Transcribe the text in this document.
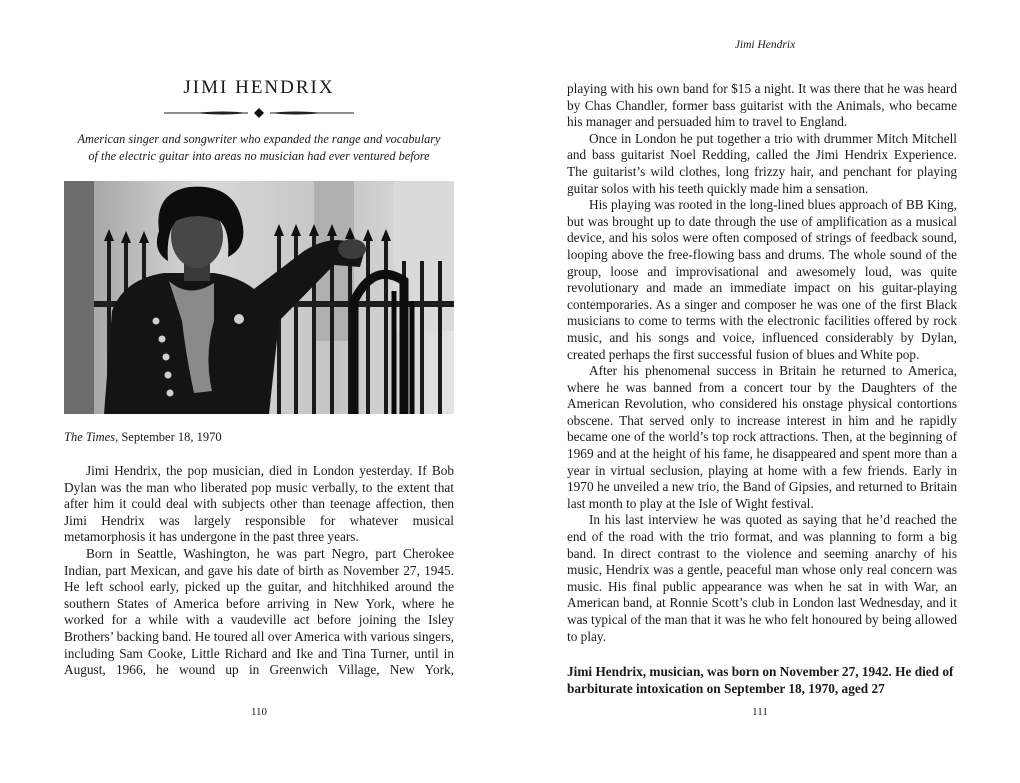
JIMI HENDRIX
American singer and songwriter who expanded the range and vocabulary
of the electric guitar into areas no musician had ever ventured before
The Times, September 18, 1970

Jimi Hendrix, the pop musician, died in London yesterday. If Bob Dylan was the man who liberated pop music verbally, to the extent that after him it could deal with subjects other than teenage affection, then Jimi Hendrix was largely responsible for whatever musical metamorphosis it has undergone in the past three years.

Born in Seattle, Washington, he was part Negro, part Cherokee Indian, part Mexican, and gave his date of birth as November 27, 1945. He left school early, picked up the guitar, and hitchhiked around the southern States of America before arriving in New York, where he worked for a while with a vaudeville act before joining the Isley Brothers’ backing band. He toured all over America with various singers, including Sam Cooke, Little Richard and Ike and Tina Turner, until in August, 1966, he wound up in Greenwich Village, New York,

110
Jimi Hendrix

playing with his own band for $15 a night. It was there that he was heard by Chas Chandler, former bass guitarist with the Animals, who became his manager and persuaded him to travel to England.

Once in London he put together a trio with drummer Mitch Mitchell and bass guitarist Noel Redding, called the Jimi Hendrix Experience. The guitarist’s wild clothes, long frizzy hair, and penchant for playing guitar solos with his teeth quickly made him a sensation.

His playing was rooted in the long-lined blues approach of BB King, but was brought up to date through the use of amplification as a musical device, and his solos were often composed of strings of feedback sound, looping above the free-flowing bass and drums. The whole sound of the group, loose and improvisational and awesomely loud, was quite revolutionary and made an immediate impact on his guitar-playing contemporaries. As a singer and composer he was one of the first Black musicians to come to terms with the electronic facilities offered by rock music, and his songs and voice, influenced considerably by Dylan, created perhaps the first successful fusion of blues and White pop.

After his phenomenal success in Britain he returned to America, where he was banned from a concert tour by the Daughters of the American Revolution, who considered his onstage physical contortions obscene. That served only to increase interest in him and he rapidly became one of the world’s top rock attractions. Then, at the beginning of 1969 and at the height of his fame, he disappeared and spent more than a year in virtual seclusion, playing at home with a few friends. Early in 1970 he unveiled a new trio, the Band of Gipsies, and returned to Britain last month to play at the Isle of Wight festival.

In his last interview he was quoted as saying that he’d reached the end of the road with the trio format, and was planning to form a big band. In direct contrast to the violence and seeming anarchy of his music, Hendrix was a gentle, peaceful man whose only real concern was music. His final public appearance was when he sat in with War, an American band, at Ronnie Scott’s club in London last Wednesday, and it was typical of the man that it was he who felt honoured by being allowed to play.

Jimi Hendrix, musician, was born on November 27, 1942. He died of barbiturate intoxication on September 18, 1970, aged 27
111
